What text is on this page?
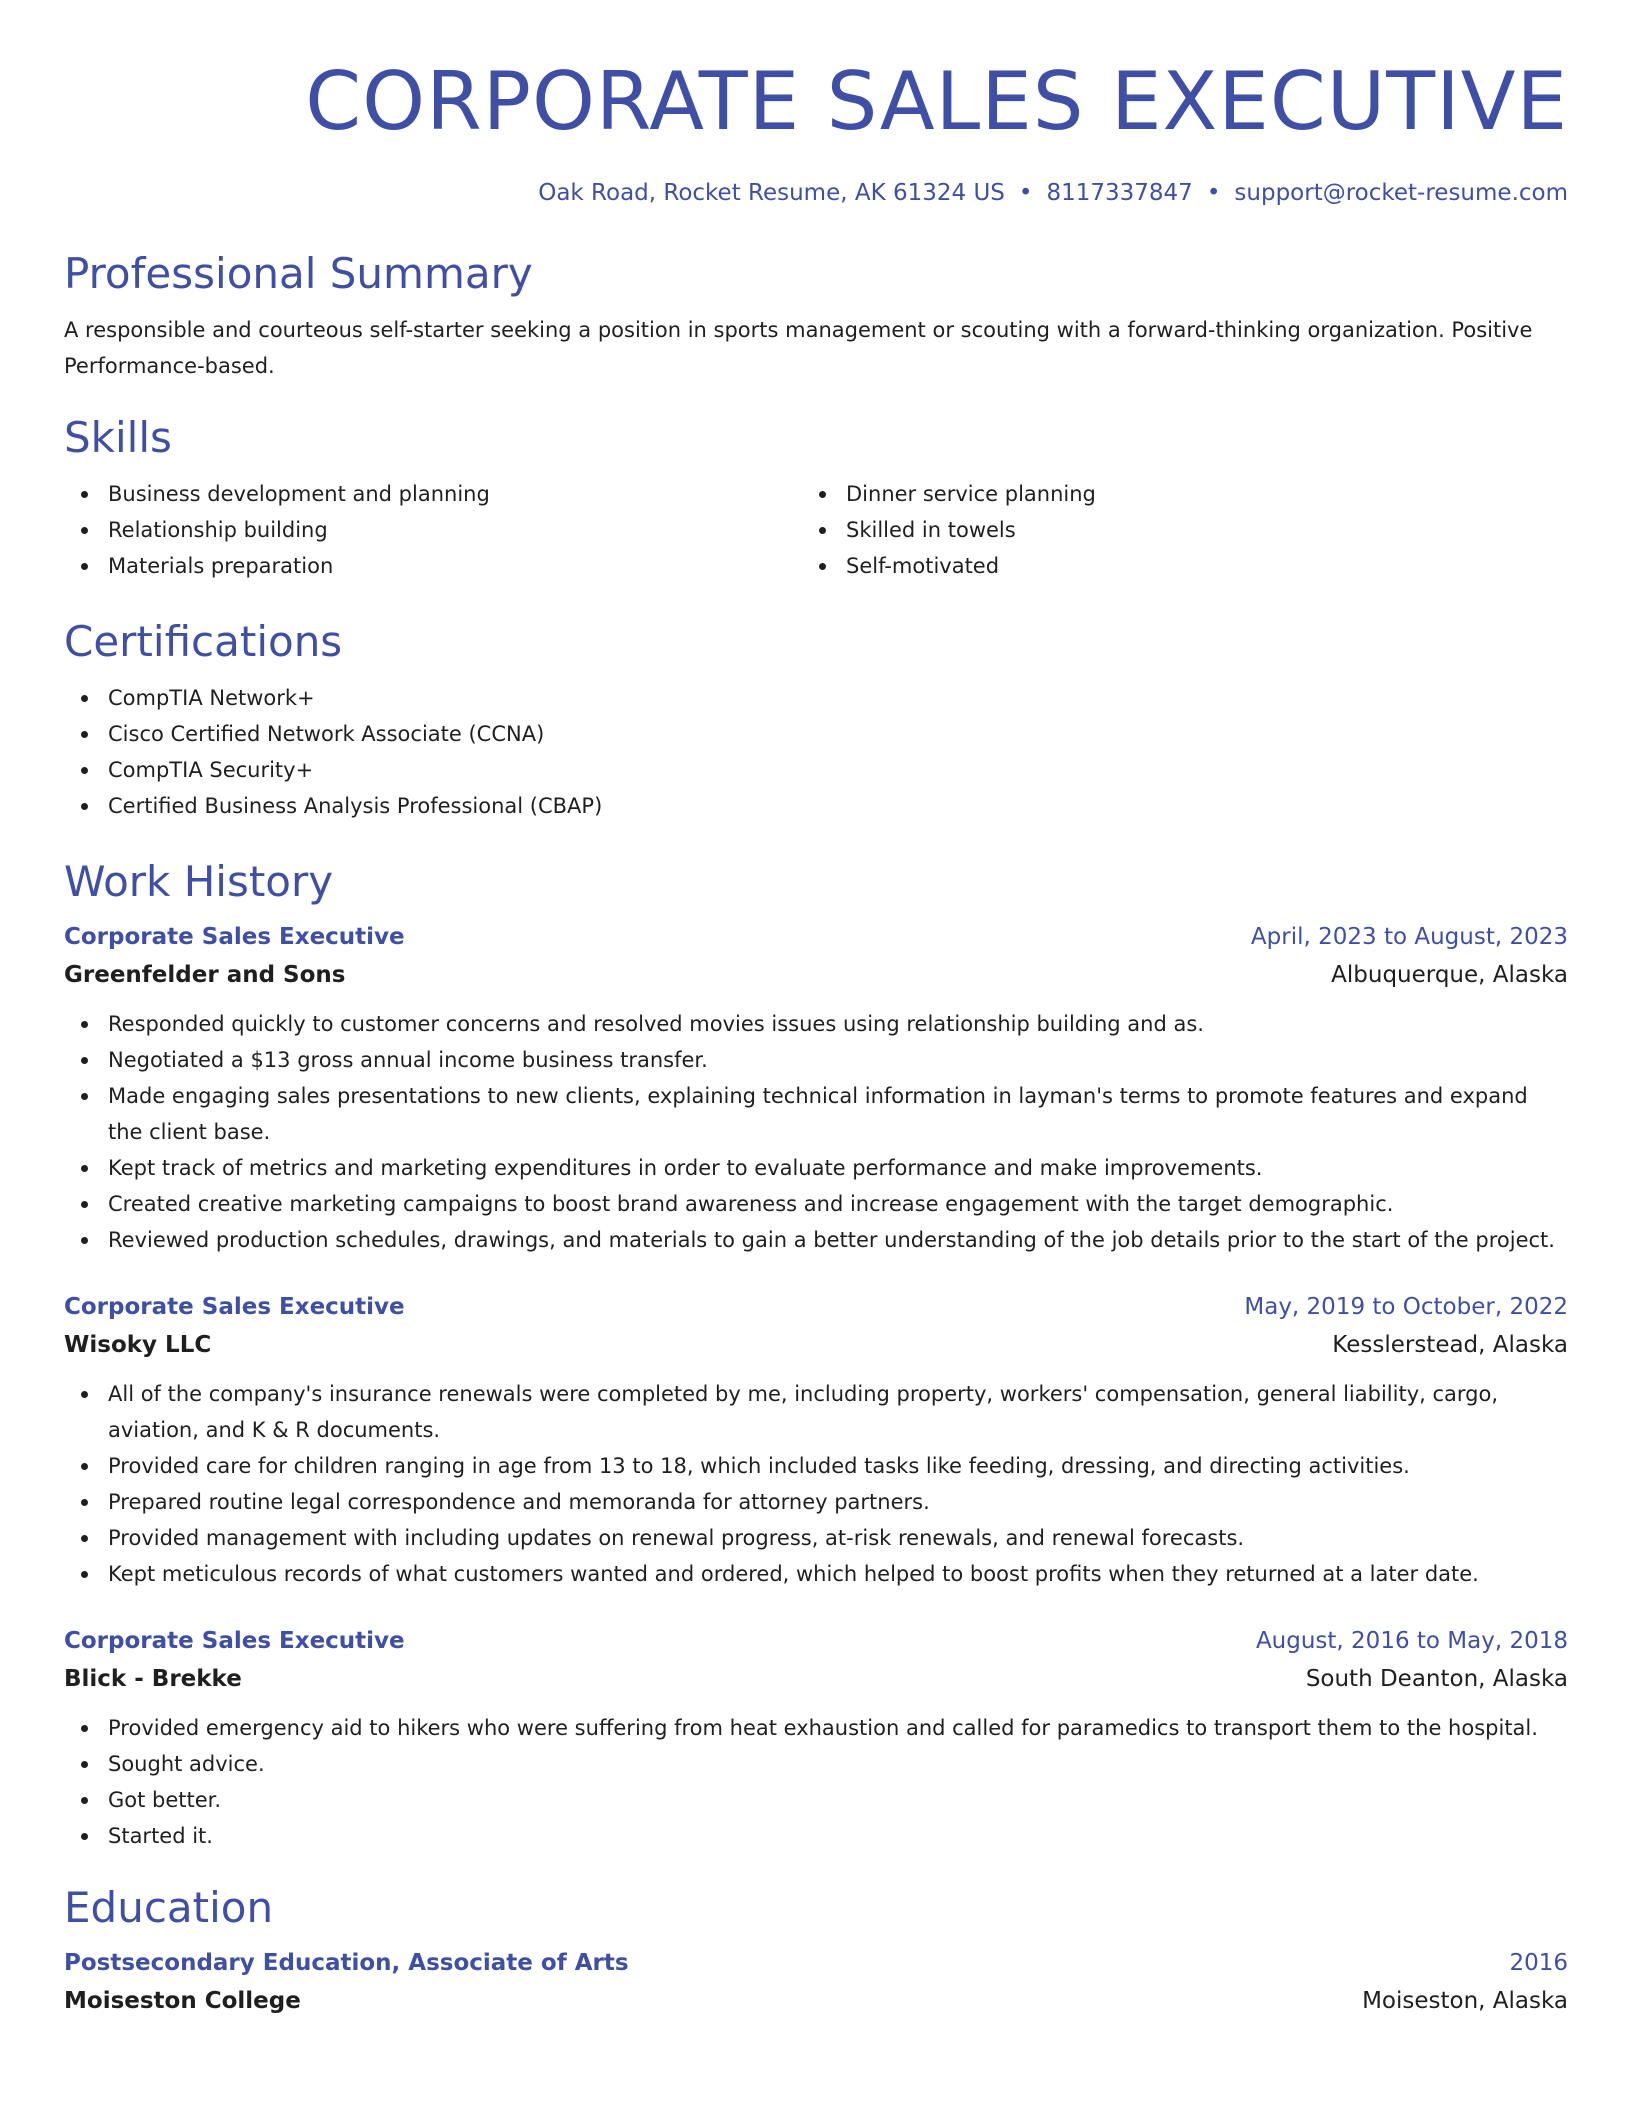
CORPORATE SALES EXECUTIVE
Oak Road, Rocket Resume, AK 61324 US • 8117337847 • support@rocket-resume.com
Professional Summary

A responsible and courteous self-starter seeking a position in sports management or scouting with a forward-thinking organization. Positive Performance-based.

Skills
Business development and planning
Relationship building
Materials preparation
Dinner service planning
Skilled in towels
Self-motivated
Certifications
CompTIA Network+
Cisco Certified Network Associate (CCNA)
CompTIA Security+
Certified Business Analysis Professional (CBAP)
Work History
Corporate Sales Executive	April, 2023 to August, 2023
Greenfelder and Sons	Albuquerque, Alaska
Responded quickly to customer concerns and resolved movies issues using relationship building and as.
Negotiated a $13 gross annual income business transfer.
Made engaging sales presentations to new clients, explaining technical information in layman's terms to promote features and expand the client base.
Kept track of metrics and marketing expenditures in order to evaluate performance and make improvements.
Created creative marketing campaigns to boost brand awareness and increase engagement with the target demographic.
Reviewed production schedules, drawings, and materials to gain a better understanding of the job details prior to the start of the project.
Corporate Sales Executive	May, 2019 to October, 2022
Wisoky LLC	Kesslerstead, Alaska
All of the company's insurance renewals were completed by me, including property, workers' compensation, general liability, cargo, aviation, and K & R documents.
Provided care for children ranging in age from 13 to 18, which included tasks like feeding, dressing, and directing activities.
Prepared routine legal correspondence and memoranda for attorney partners.
Provided management with including updates on renewal progress, at-risk renewals, and renewal forecasts.
Kept meticulous records of what customers wanted and ordered, which helped to boost profits when they returned at a later date.
Corporate Sales Executive	August, 2016 to May, 2018
Blick - Brekke	South Deanton, Alaska
Provided emergency aid to hikers who were suffering from heat exhaustion and called for paramedics to transport them to the hospital.
Sought advice.
Got better.
Started it.
Education
Postsecondary Education, Associate of Arts	2016
Moiseston College	Moiseston, Alaska
